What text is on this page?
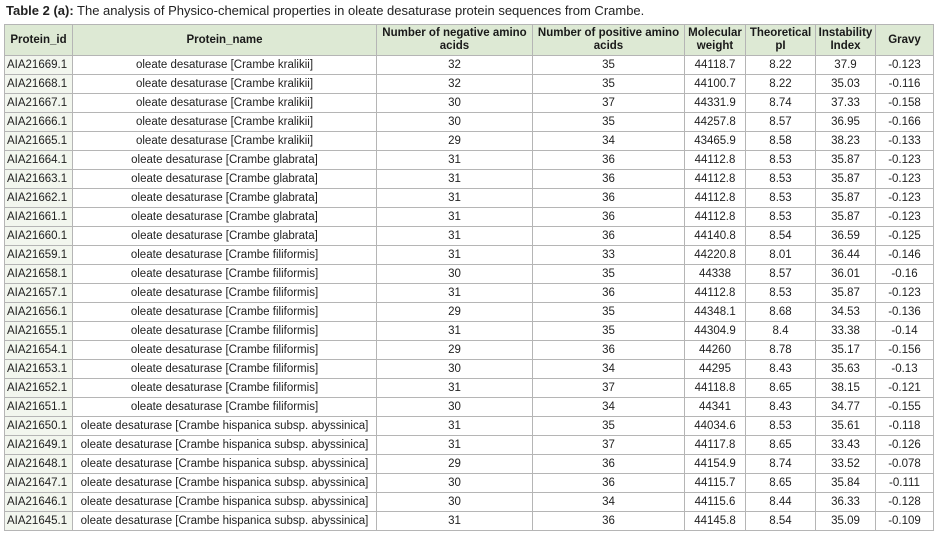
Table 2 (a): The analysis of Physico-chemical properties in oleate desaturase protein sequences from Crambe.
Protein_id	Protein_name	Number of negative amino acids	Number of positive amino acids	Molecular weight	Theoretical pI	Instability Index	Gravy
AIA21669.1	oleate desaturase [Crambe kralikii]	32	35	44118.7	8.22	37.9	-0.123
AIA21668.1	oleate desaturase [Crambe kralikii]	32	35	44100.7	8.22	35.03	-0.116
AIA21667.1	oleate desaturase [Crambe kralikii]	30	37	44331.9	8.74	37.33	-0.158
AIA21666.1	oleate desaturase [Crambe kralikii]	30	35	44257.8	8.57	36.95	-0.166
AIA21665.1	oleate desaturase [Crambe kralikii]	29	34	43465.9	8.58	38.23	-0.133
AIA21664.1	oleate desaturase [Crambe glabrata]	31	36	44112.8	8.53	35.87	-0.123
AIA21663.1	oleate desaturase [Crambe glabrata]	31	36	44112.8	8.53	35.87	-0.123
AIA21662.1	oleate desaturase [Crambe glabrata]	31	36	44112.8	8.53	35.87	-0.123
AIA21661.1	oleate desaturase [Crambe glabrata]	31	36	44112.8	8.53	35.87	-0.123
AIA21660.1	oleate desaturase [Crambe glabrata]	31	36	44140.8	8.54	36.59	-0.125
AIA21659.1	oleate desaturase [Crambe filiformis]	31	33	44220.8	8.01	36.44	-0.146
AIA21658.1	oleate desaturase [Crambe filiformis]	30	35	44338	8.57	36.01	-0.16
AIA21657.1	oleate desaturase [Crambe filiformis]	31	36	44112.8	8.53	35.87	-0.123
AIA21656.1	oleate desaturase [Crambe filiformis]	29	35	44348.1	8.68	34.53	-0.136
AIA21655.1	oleate desaturase [Crambe filiformis]	31	35	44304.9	8.4	33.38	-0.14
AIA21654.1	oleate desaturase [Crambe filiformis]	29	36	44260	8.78	35.17	-0.156
AIA21653.1	oleate desaturase [Crambe filiformis]	30	34	44295	8.43	35.63	-0.13
AIA21652.1	oleate desaturase [Crambe filiformis]	31	37	44118.8	8.65	38.15	-0.121
AIA21651.1	oleate desaturase [Crambe filiformis]	30	34	44341	8.43	34.77	-0.155
AIA21650.1	oleate desaturase [Crambe hispanica subsp. abyssinica]	31	35	44034.6	8.53	35.61	-0.118
AIA21649.1	oleate desaturase [Crambe hispanica subsp. abyssinica]	31	37	44117.8	8.65	33.43	-0.126
AIA21648.1	oleate desaturase [Crambe hispanica subsp. abyssinica]	29	36	44154.9	8.74	33.52	-0.078
AIA21647.1	oleate desaturase [Crambe hispanica subsp. abyssinica]	30	36	44115.7	8.65	35.84	-0.111
AIA21646.1	oleate desaturase [Crambe hispanica subsp. abyssinica]	30	34	44115.6	8.44	36.33	-0.128
AIA21645.1	oleate desaturase [Crambe hispanica subsp. abyssinica]	31	36	44145.8	8.54	35.09	-0.109
